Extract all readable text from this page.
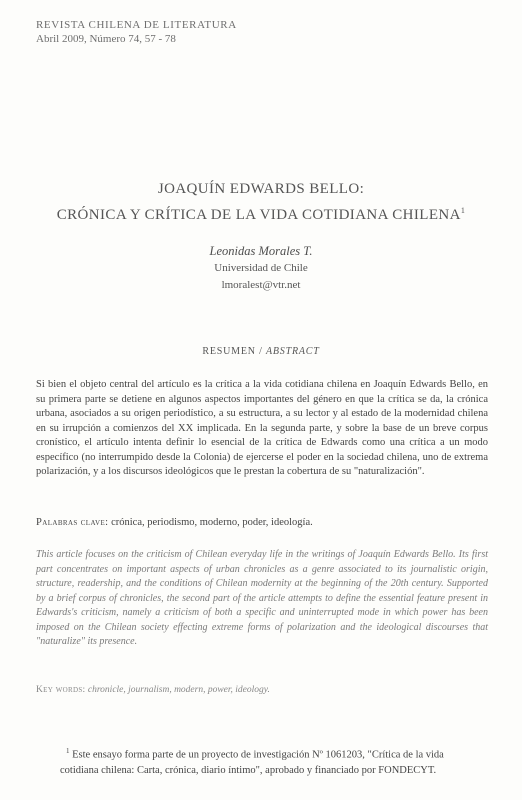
REVISTA CHILENA DE LITERATURA
Abril 2009, Número 74, 57 - 78
JOAQUÍN EDWARDS BELLO:
CRÓNICA Y CRÍTICA DE LA VIDA COTIDIANA CHILENA$^1$
Leonidas Morales T.
Universidad de Chile
lmoralest@vtr.net
RESUMEN / ABSTRACT

Si bien el objeto central del artículo es la crítica a la vida cotidiana chilena en Joaquín Edwards Bello, en su primera parte se detiene en algunos aspectos importantes del género en que la crítica se da, la crónica urbana, asociados a su origen periodístico, a su estructura, a su lector y al estado de la modernidad chilena en su irrupción a comienzos del XX implicada. En la segunda parte, y sobre la base de un breve corpus cronístico, el artículo intenta definir lo esencial de la crítica de Edwards como una crítica a un modo específico (no interrumpido desde la Colonia) de ejercerse el poder en la sociedad chilena, uno de extrema polarización, y a los discursos ideológicos que le prestan la cobertura de su "naturalización".

Palabras clave: crónica, periodismo, moderno, poder, ideología.

This article focuses on the criticism of Chilean everyday life in the writings of Joaquín Edwards Bello. Its first part concentrates on important aspects of urban chronicles as a genre associated to its journalistic origin, structure, readership, and the conditions of Chilean modernity at the beginning of the 20th century. Supported by a brief corpus of chronicles, the second part of the article attempts to define the essential feature present in Edwards's criticism, namely a criticism of both a specific and uninterrupted mode in which power has been imposed on the Chilean society effecting extreme forms of polarization and the ideological discourses that "naturalize" its presence.

Key words: chronicle, journalism, modern, power, ideology.
$^1$ Este ensayo forma parte de un proyecto de investigación Nº 1061203, "Crítica de la vida cotidiana chilena: Carta, crónica, diario íntimo", aprobado y financiado por FONDECYT.
